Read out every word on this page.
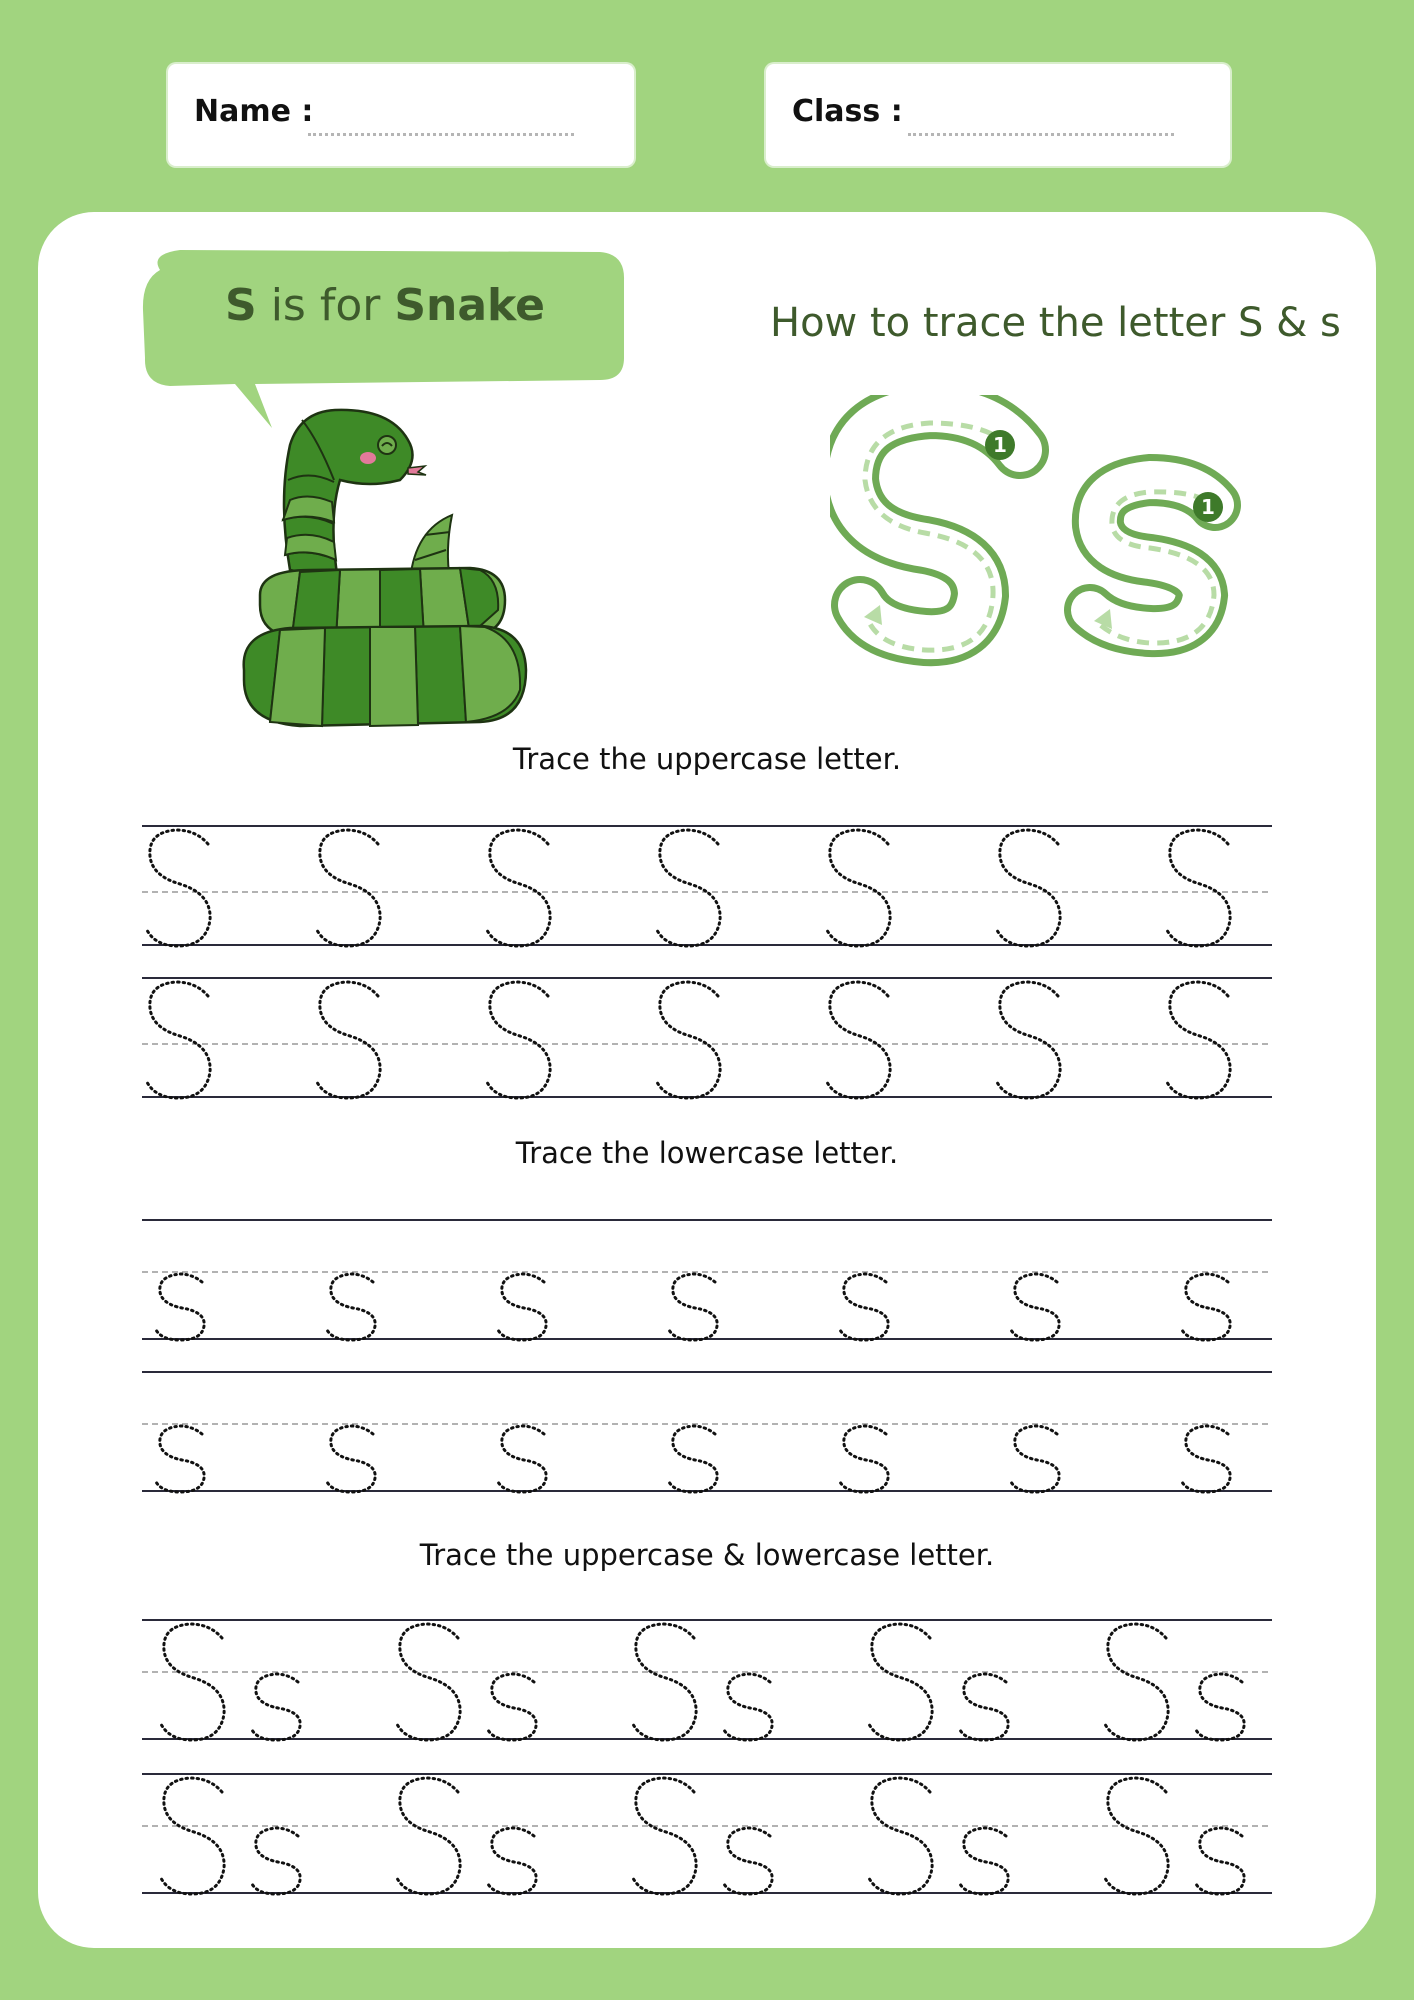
Name :	Class :
S is for Snake	How to trace the letter S & s
1
1
Trace the uppercase letter.
Trace the lowercase letter.
Trace the uppercase & lowercase letter.
